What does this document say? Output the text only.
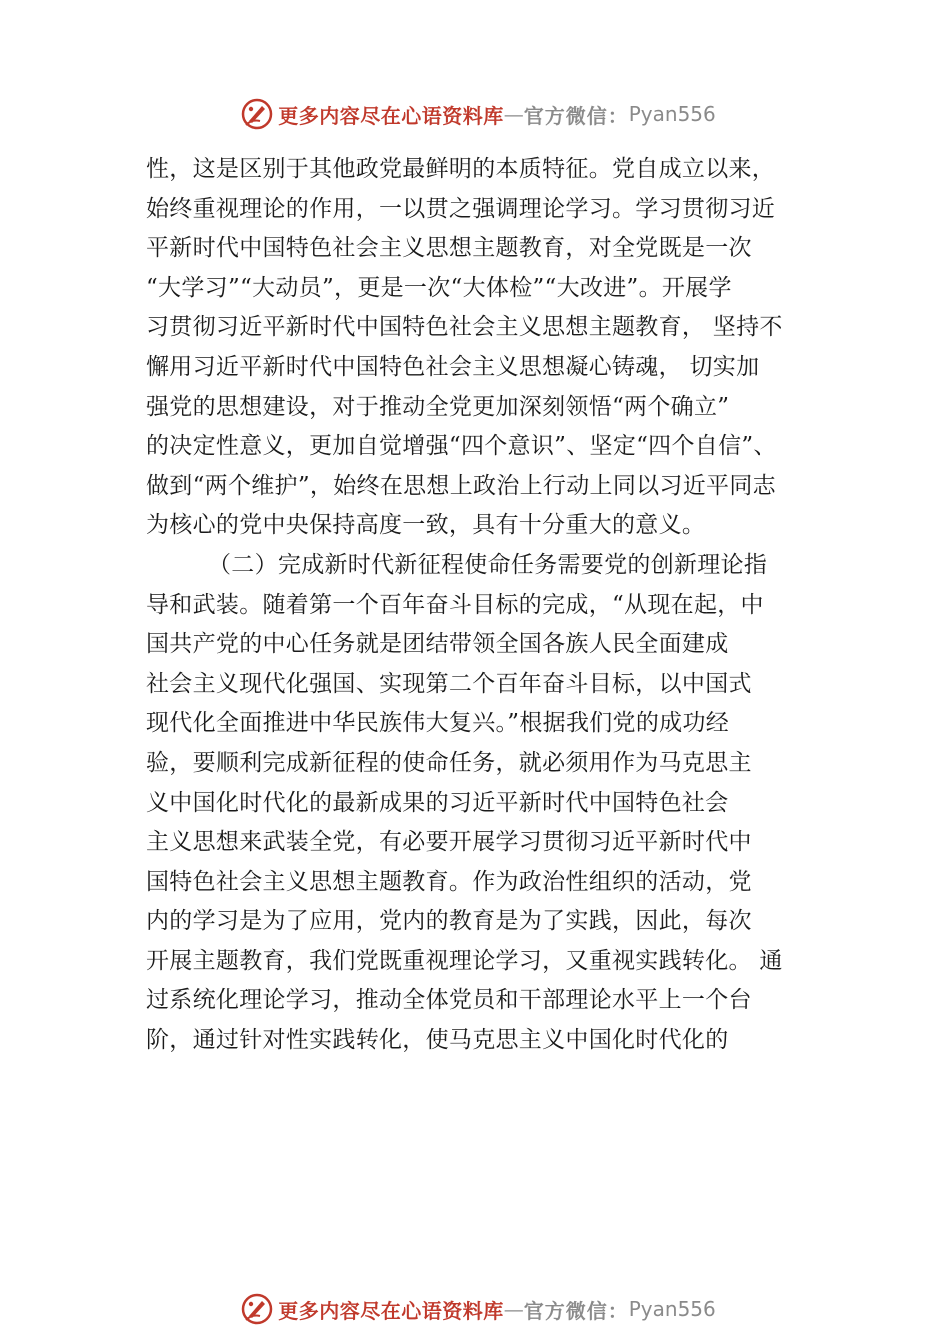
更多内容尽在心语资料库 — 官方微信： Pyan556
性，这是区别于其他政党最鲜明的本质特征。党自成立以来，
始终重视理论的作用，一以贯之强调理论学习。学习贯彻习近
平新时代中国特色社会主义思想主题教育，对全党既是一次
“大学习”“大动员”，更是一次“大体检”“大改进”。开展学
习贯彻习近平新时代中国特色社会主义思想主题教育， 坚持不
懈用习近平新时代中国特色社会主义思想凝心铸魂， 切实加
强党的思想建设，对于推动全党更加深刻领悟“两个确立”
的决定性意义，更加自觉增强“四个意识”、坚定“四个自信”、
做到“两个维护”，始终在思想上政治上行动上同以习近平同志
为核心的党中央保持高度一致，具有十分重大的意义。
（二）完成新时代新征程使命任务需要党的创新理论指
导和武装。随着第一个百年奋斗目标的完成，“从现在起，中
国共产党的中心任务就是团结带领全国各族人民全面建成
社会主义现代化强国、实现第二个百年奋斗目标，以中国式
现代化全面推进中华民族伟大复兴。”根据我们党的成功经
验，要顺利完成新征程的使命任务，就必须用作为马克思主
义中国化时代化的最新成果的习近平新时代中国特色社会
主义思想来武装全党，有必要开展学习贯彻习近平新时代中
国特色社会主义思想主题教育。作为政治性组织的活动，党
内的学习是为了应用，党内的教育是为了实践，因此，每次
开展主题教育，我们党既重视理论学习，又重视实践转化。 通
过系统化理论学习，推动全体党员和干部理论水平上一个台
阶，通过针对性实践转化，使马克思主义中国化时代化的
更多内容尽在心语资料库 — 官方微信： Pyan556
